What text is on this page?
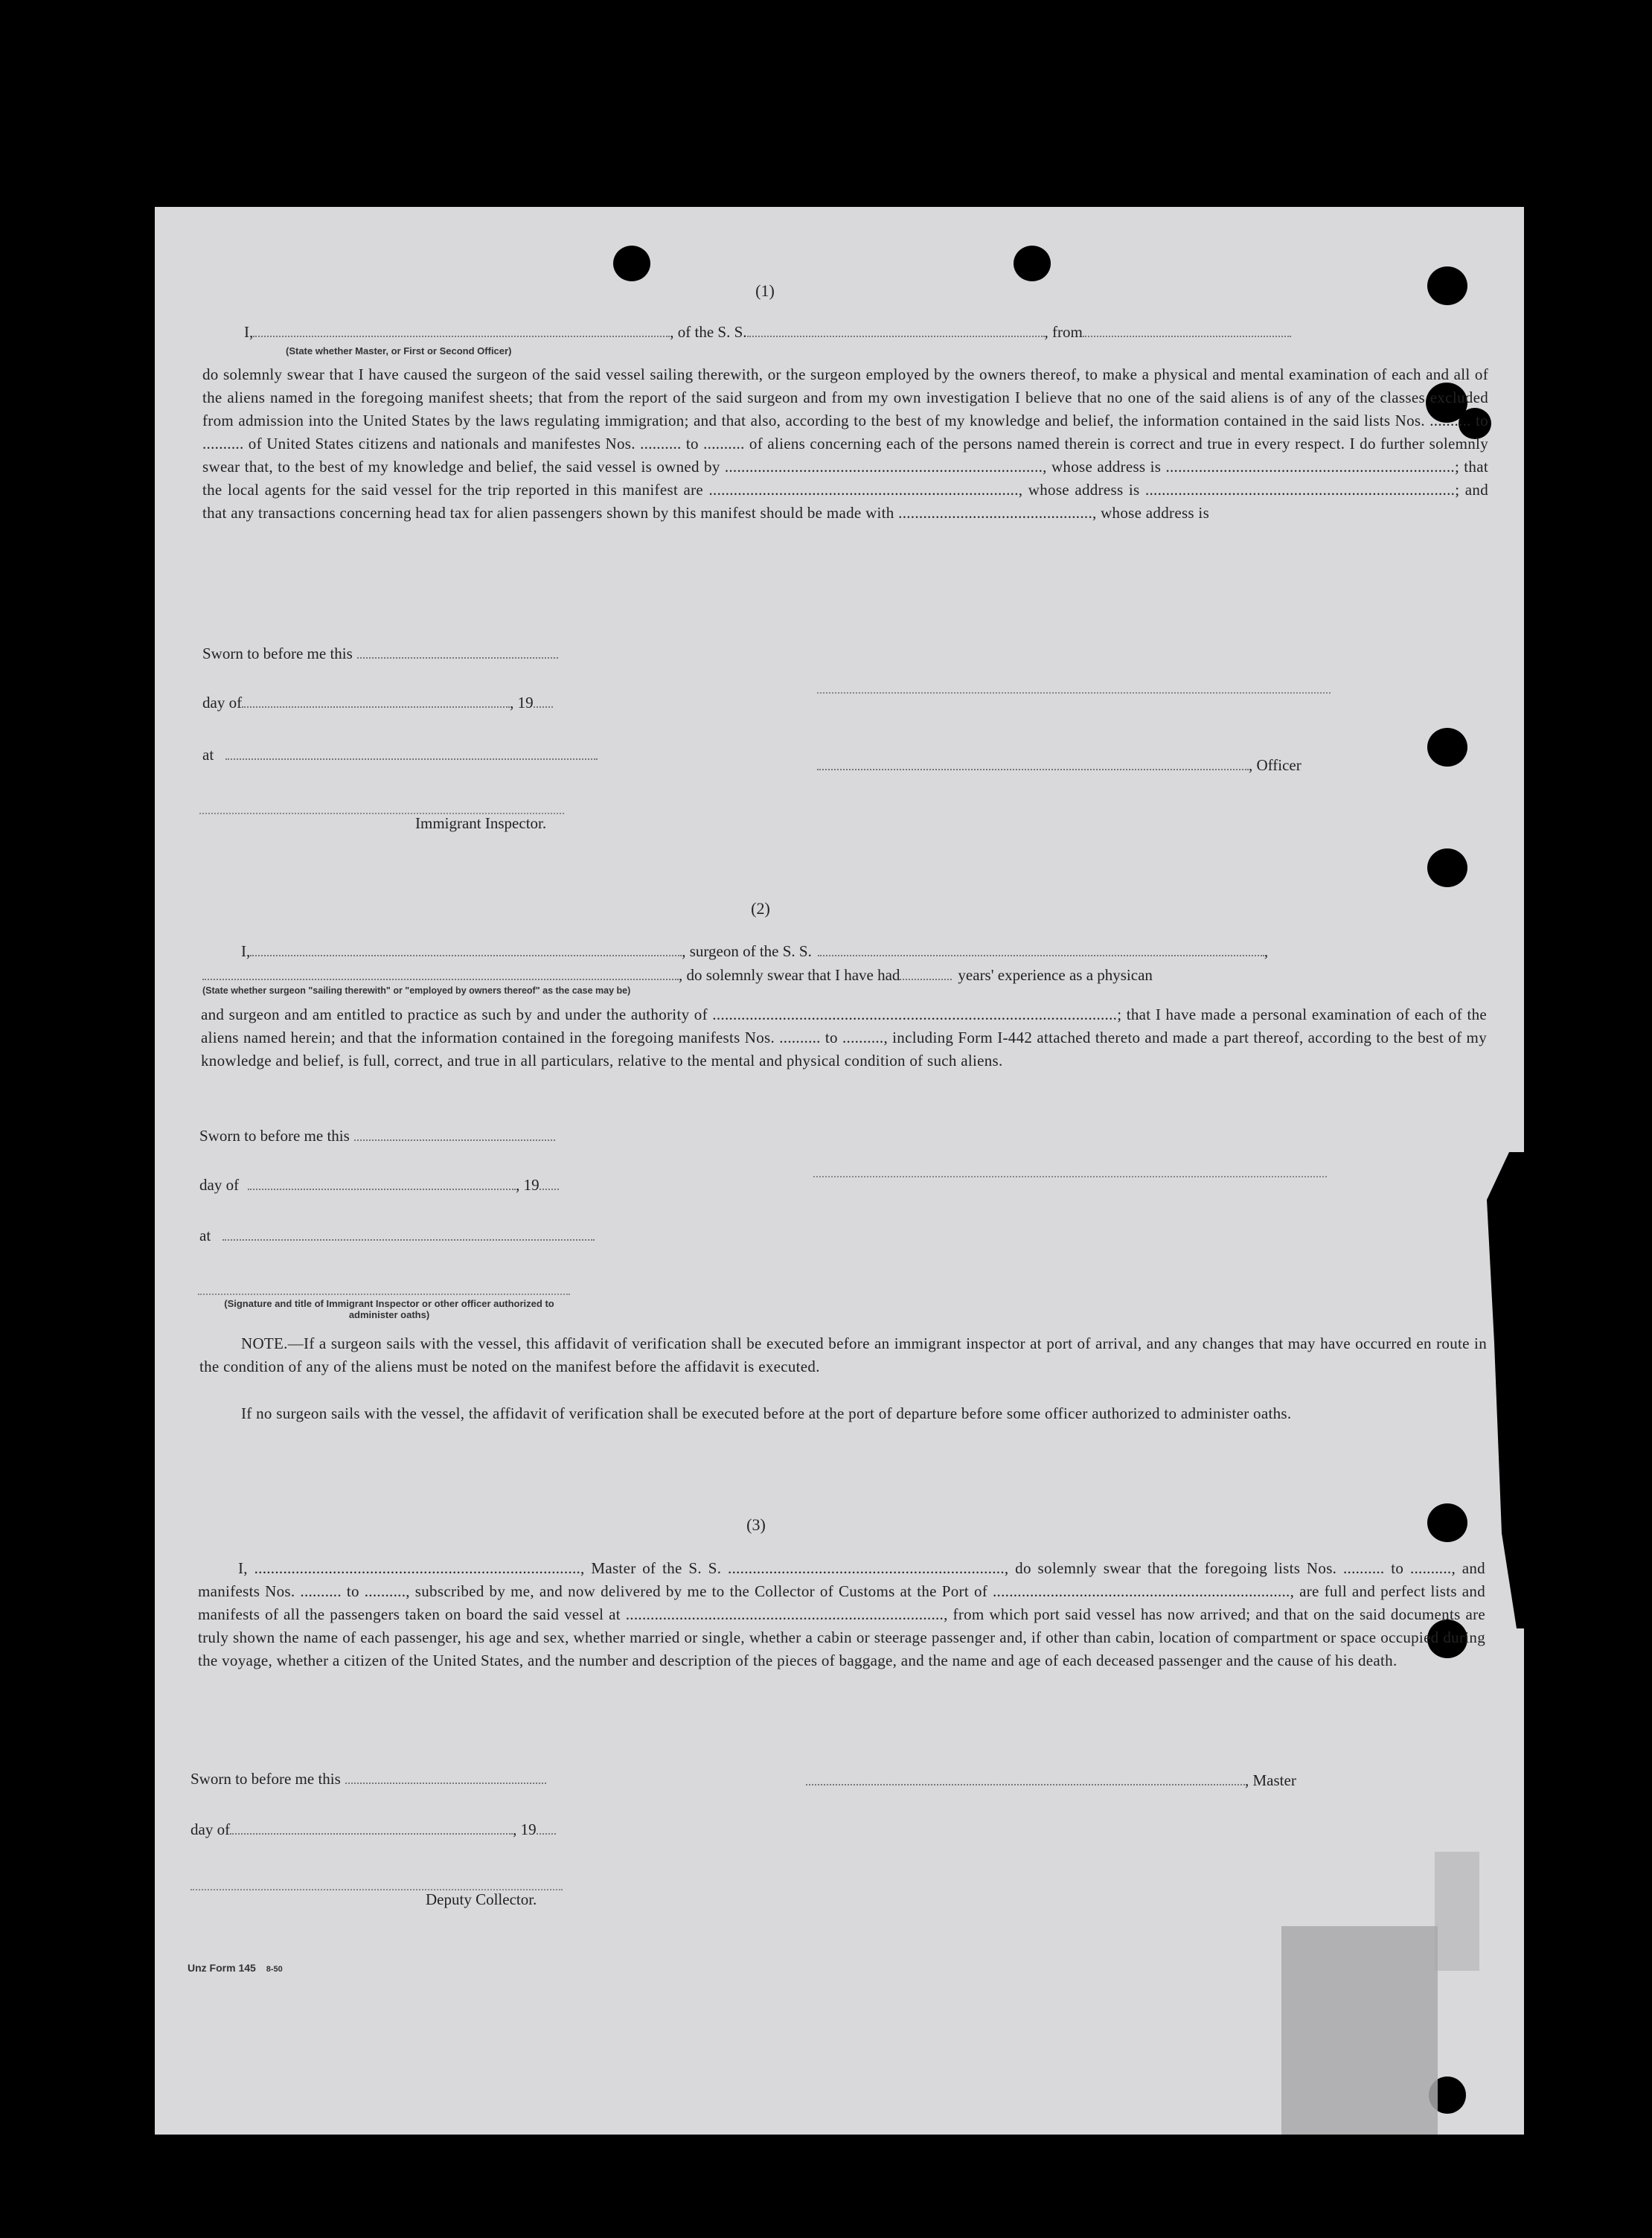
(1)
I,	, of the S. S.	, from
(State whether Master, or First or Second Officer)

do solemnly swear that I have caused the surgeon of the said vessel sailing therewith, or the surgeon employed by the owners thereof, to make a physical and mental examination of each and all of the aliens named in the foregoing manifest sheets; that from the report of the said surgeon and from my own investigation I believe that no one of the said aliens is of any of the classes excluded from admission into the United States by the laws regulating immigration; and that also, according to the best of my knowledge and belief, the information contained in the said lists Nos. .......... to .......... of United States citizens and nationals and manifestes Nos. .......... to .......... of aliens concerning each of the persons named therein is correct and true in every respect. I do further solemnly swear that, to the best of my knowledge and belief, the said vessel is owned by ............................................................................., whose address is ......................................................................; that the local agents for the said vessel for the trip reported in this manifest are ..........................................................................., whose address is ...........................................................................; and that any transactions concerning head tax for alien passengers shown by this manifest should be made with ..............................................., whose address is

Sworn to before me this
day of	, 19
at
, Officer
Immigrant Inspector.
(2)
I,	, surgeon of the S. S.	,
, do solemnly swear that I have had	years' experience as a physican
(State whether surgeon "sailing therewith" or "employed by owners thereof" as the case may be)

and surgeon and am entitled to practice as such by and under the authority of ..................................................................................................; that I have made a personal examination of each of the aliens named herein; and that the information contained in the foregoing manifests Nos. .......... to .........., including Form I-442 attached thereto and made a part thereof, according to the best of my knowledge and belief, is full, correct, and true in all particulars, relative to the mental and physical condition of such aliens.

Sworn to before me this
day of	, 19
at
(Signature and title of Immigrant Inspector or other officer authorized to administer oaths)

NOTE.—If a surgeon sails with the vessel, this affidavit of verification shall be executed before an immigrant inspector at port of arrival, and any changes that may have occurred en route in the condition of any of the aliens must be noted on the manifest before the affidavit is executed.

If no surgeon sails with the vessel, the affidavit of verification shall be executed before at the port of departure before some officer authorized to administer oaths.

(3)

I, ..............................................................................., Master of the S. S. ..................................................................., do solemnly swear that the foregoing lists Nos. .......... to .........., and manifests Nos. .......... to .........., subscribed by me, and now delivered by me to the Collector of Customs at the Port of ........................................................................, are full and perfect lists and manifests of all the passengers taken on board the said vessel at ............................................................................., from which port said vessel has now arrived; and that on the said documents are truly shown the name of each passenger, his age and sex, whether married or single, whether a cabin or steerage passenger and, if other than cabin, location of compartment or space occupied during the voyage, whether a citizen of the United States, and the number and description of the pieces of baggage, and the name and age of each deceased passenger and the cause of his death.

Sworn to before me this	, Master
day of	, 19
Deputy Collector.
Unz Form 145 8-50
